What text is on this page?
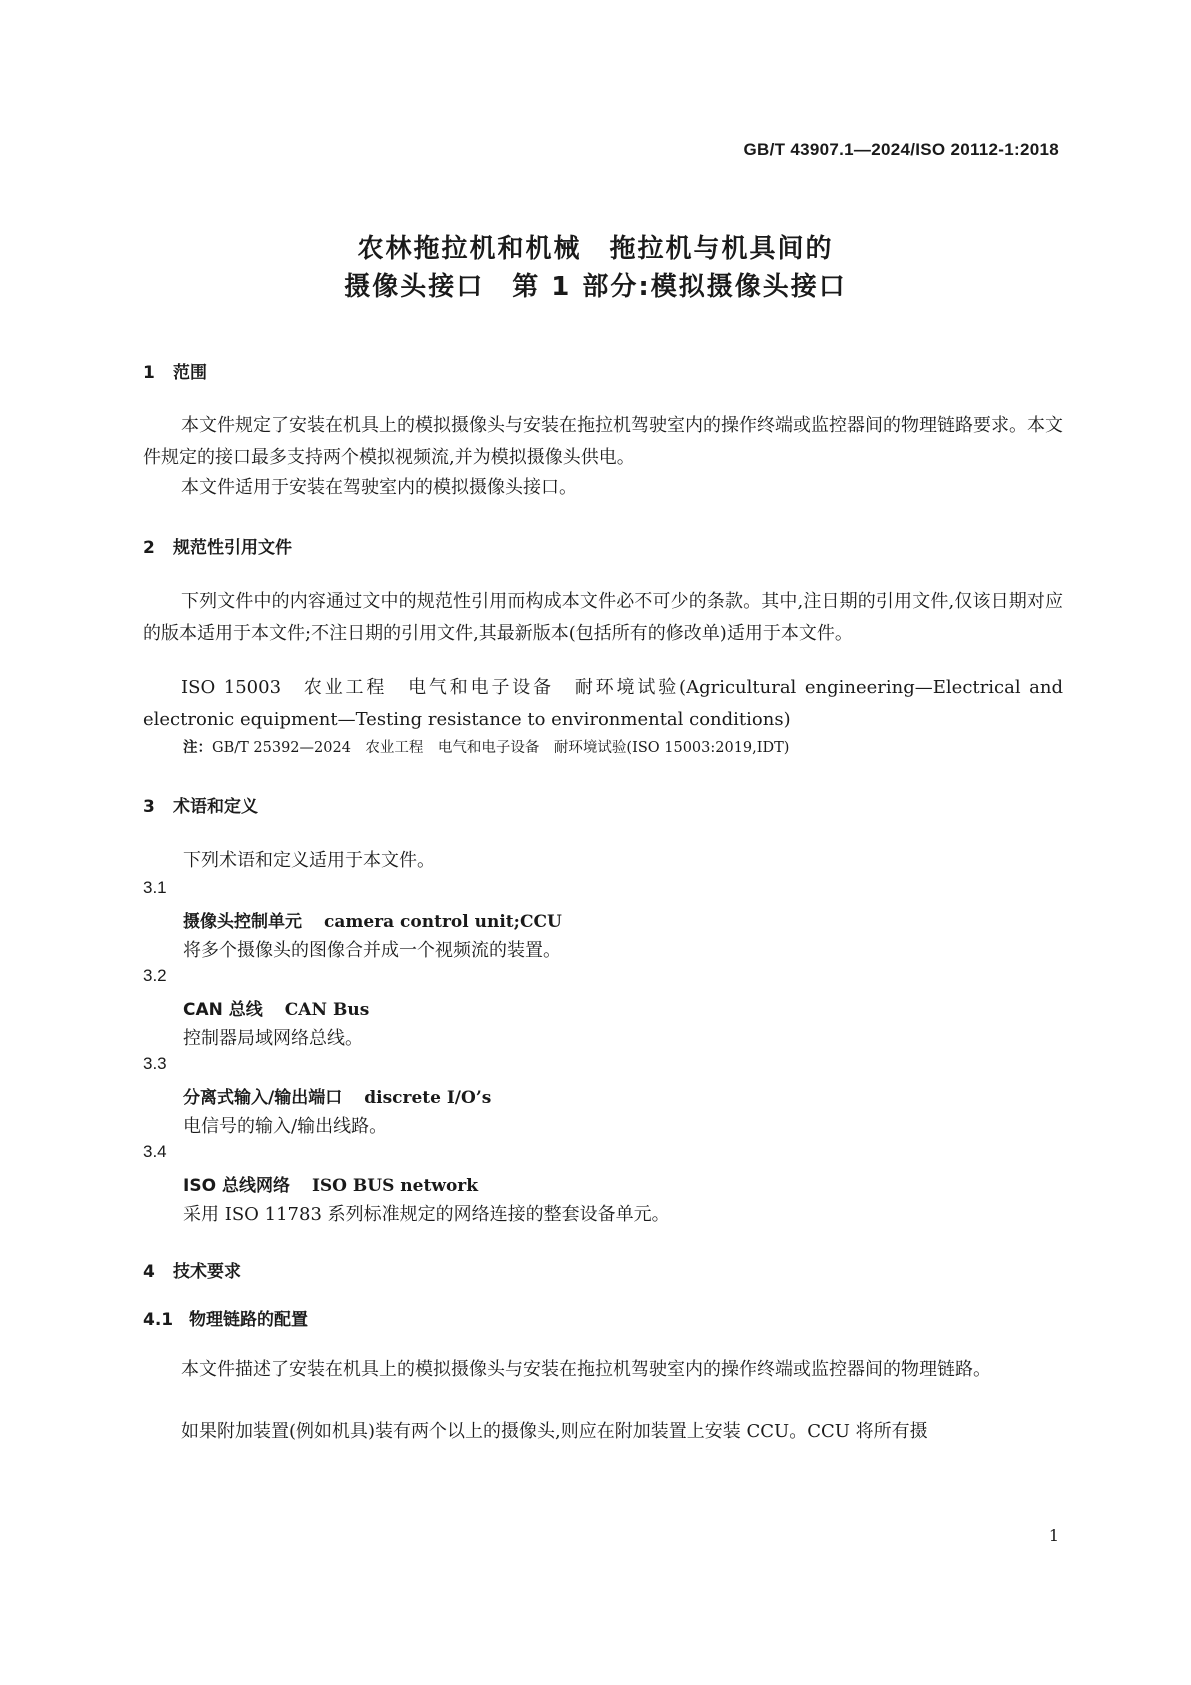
GB/T 43907.1—2024/ISO 20112-1:2018
农林拖拉机和机械　拖拉机与机具间的
摄像头接口　第 1 部分:模拟摄像头接口
1 范围
本文件规定了安装在机具上的模拟摄像头与安装在拖拉机驾驶室内的操作终端或监控器间的物理链路要求。本文件规定的接口最多支持两个模拟视频流,并为模拟摄像头供电。
本文件适用于安装在驾驶室内的模拟摄像头接口。
2 规范性引用文件
下列文件中的内容通过文中的规范性引用而构成本文件必不可少的条款。其中,注日期的引用文件,仅该日期对应的版本适用于本文件;不注日期的引用文件,其最新版本(包括所有的修改单)适用于本文件。
ISO 15003 农业工程　电气和电子设备　耐环境试验(Agricultural engineering—Electrical and electronic equipment—Testing resistance to environmental conditions)
注：GB/T 25392—2024　农业工程　电气和电子设备　耐环境试验(ISO 15003:2019,IDT)
3 术语和定义
下列术语和定义适用于本文件。
3.1
摄像头控制单元 camera control unit;CCU
将多个摄像头的图像合并成一个视频流的装置。
3.2
CAN 总线 CAN Bus
控制器局域网络总线。
3.3
分离式输入/输出端口 discrete I/O’s
电信号的输入/输出线路。
3.4
ISO 总线网络 ISO BUS network
采用 ISO 11783 系列标准规定的网络连接的整套设备单元。
4 技术要求
4.1 物理链路的配置
本文件描述了安装在机具上的模拟摄像头与安装在拖拉机驾驶室内的操作终端或监控器间的物理链路。
如果附加装置(例如机具)装有两个以上的摄像头,则应在附加装置上安装 CCU。CCU 将所有摄
1
